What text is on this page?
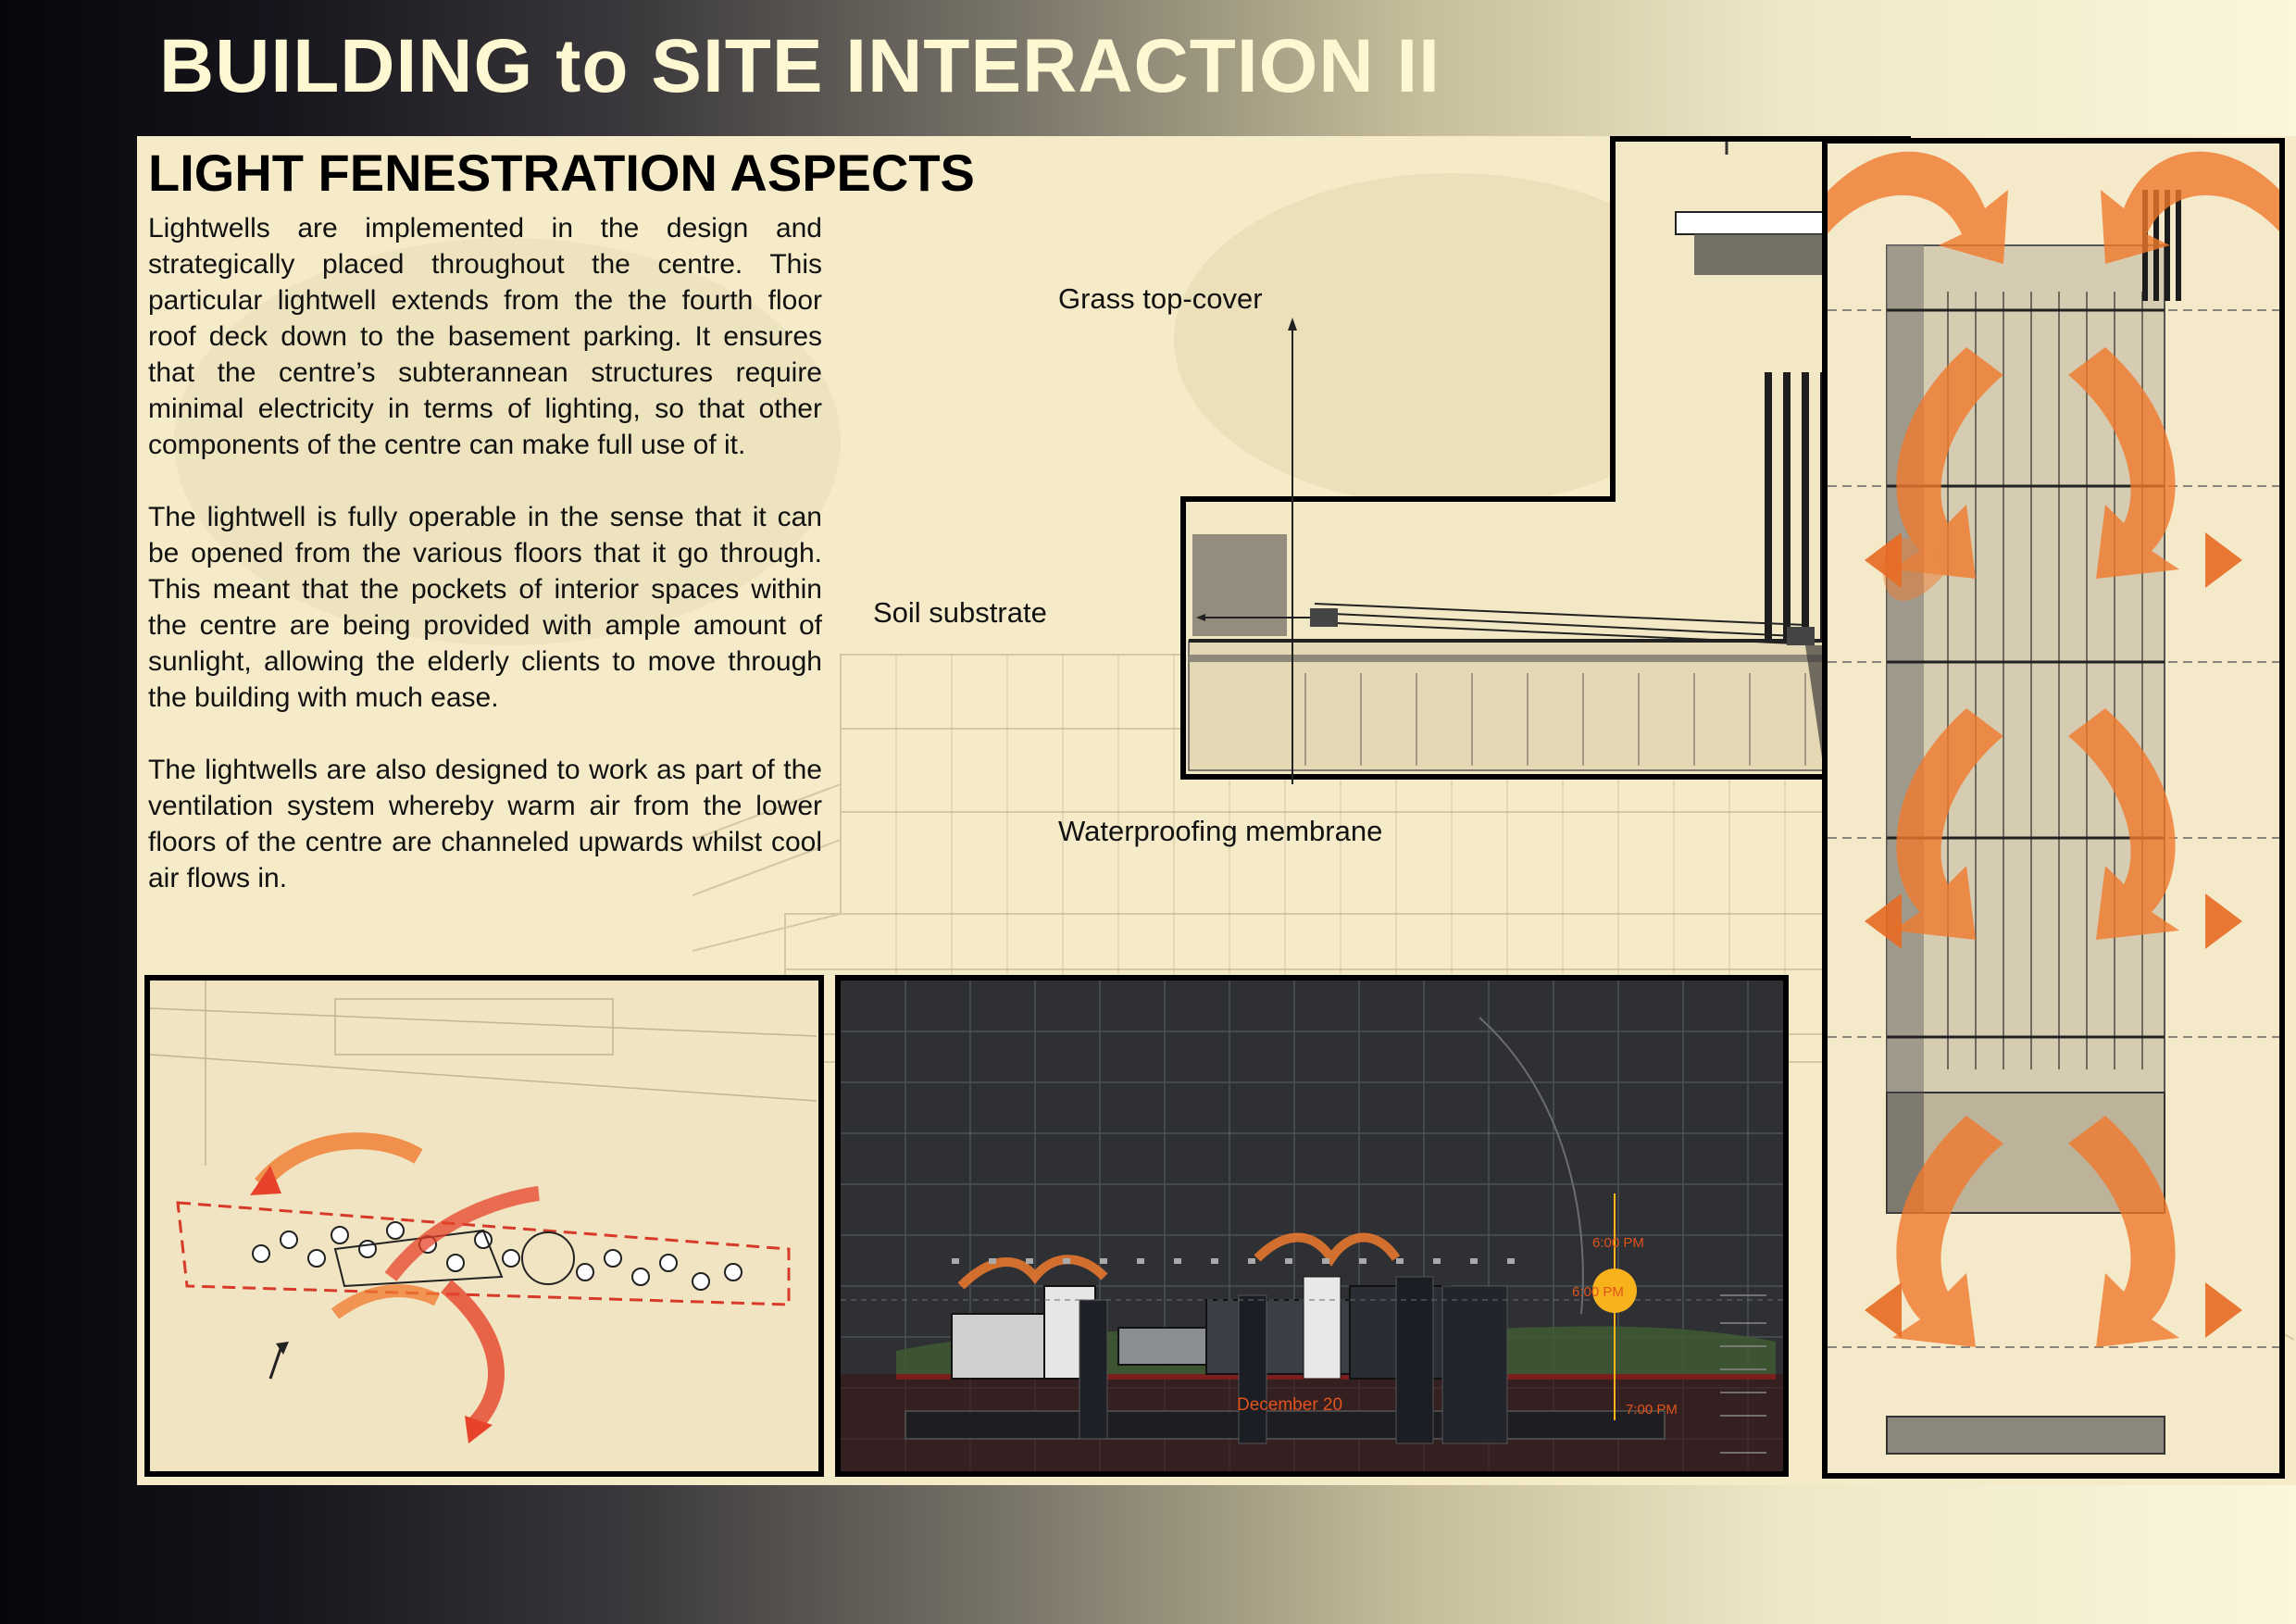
BUILDING to SITE INTERACTION II
LIGHT FENESTRATION ASPECTS

Lightwells are implemented in the design and strategically placed throughout the centre. This particular lightwell extends from the the fourth floor roof deck down to the basement parking. It ensures that the centre’s subterannean structures require minimal electricity in terms of lighting, so that other components of the centre can make full use of it.

The lightwell is fully operable in the sense that it can be opened from the various floors that it go through. This meant that the pockets of interior spaces within the centre are being provided with ample amount of sunlight, allowing the elderly clients to move through the building with much ease.

The lightwells are also designed to work as part of the ventilation system whereby warm air from the lower floors of the centre are channeled upwards whilst cool air flows in.

Grass top-cover
Soil substrate
Waterproofing membrane
6:00 PM
6:00 PM
7:00 PM
December 20
